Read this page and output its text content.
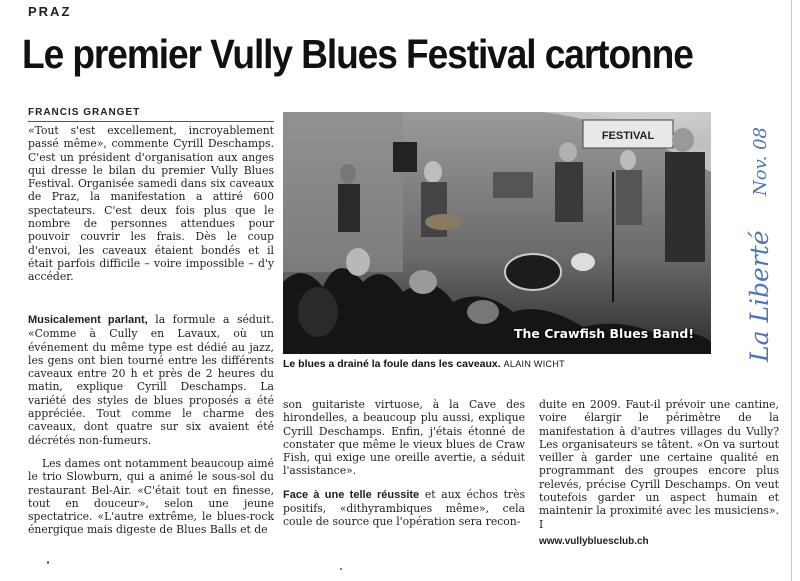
PRAZ
Le premier Vully Blues Festival cartonne
FRANCIS GRANGET

«Tout s'est excellement, incroyablement passé même», commente Cyrill Deschamps. C'est un président d'organisation aux anges qui dresse le bilan du premier Vully Blues Festival. Organisée samedi dans six caveaux de Praz, la manifestation a attiré 600 spectateurs. C'est deux fois plus que le nombre de personnes attendues pour pouvoir couvrir les frais. Dès le coup d'envoi, les caveaux étaient bondés et il était parfois difficile – voire impossible – d'y accéder.

Musicalement parlant, la formule a séduit. «Comme à Cully en Lavaux, où un événement du même type est dédié au jazz, les gens ont bien tourné entre les différents caveaux entre 20 h et près de 2 heures du matin, explique Cyrill Deschamps. La variété des styles de blues proposés a été appréciée. Tout comme le charme des caveaux, dont quatre sur six avaient été décrétés non-fumeurs.

Les dames ont notamment beaucoup aimé le trio Slowburn, qui a animé le sous-sol du restaurant Bel-Air. «C'était tout en finesse, tout en douceur», selon une jeune spectatrice. «L'autre extrême, le blues-rock énergique mais digeste de Blues Balls et de

FESTIVAL
The Crawfish Blues Band!
Le blues a drainé la foule dans les caveaux. ALAIN WICHT

son guitariste virtuose, à la Cave des hirondelles, a beaucoup plu aussi, explique Cyrill Deschamps. Enfin, j'étais étonné de constater que même le vieux blues de Craw Fish, qui exige une oreille avertie, a séduit l'assistance».

Face à une telle réussite et aux échos très positifs, «dithyrambiques même», cela coule de source que l'opération sera recon-

duite en 2009. Faut-il prévoir une cantine, voire élargir le périmètre de la manifestation à d'autres villages du Vully? Les organisateurs se tâtent. «On va surtout veiller à garder une certaine qualité en programmant des groupes encore plus relevés, précise Cyrill Deschamps. On veut toutefois garder un aspect humain et maintenir la proximité avec les musiciens». I

www.vullybluesclub.ch
La Liberté
Nov. 08
